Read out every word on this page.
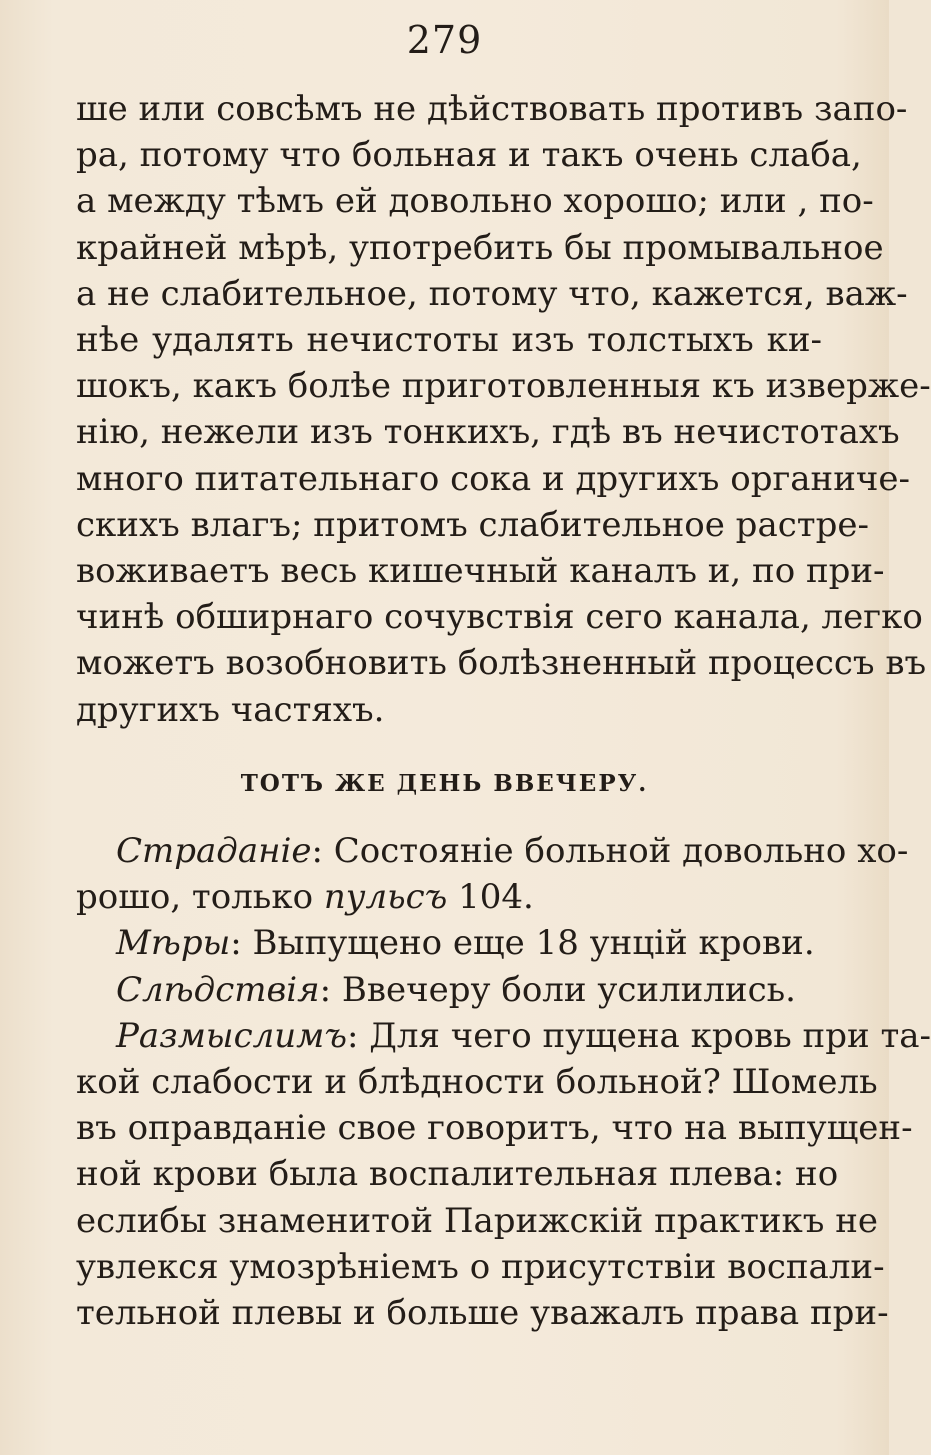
279
ше или совсѣмъ не дѣйствовать противъ запо-
ра, потому что больная и такъ очень слаба,
а между тѣмъ ей довольно хорошо; или , по-
крайней мѣрѣ, употребить бы промывальное
а не слабительное, потому что, кажется, важ-
нѣе удалять нечистоты изъ толстыхъ ки-
шокъ, какъ болѣе приготовленныя къ изверже-
нію, нежели изъ тонкихъ, гдѣ въ нечистотахъ
много питательнаго сока и другихъ органиче-
скихъ влагъ; притомъ слабительное растре-
воживаетъ весь кишечный каналъ и, по при-
чинѣ обширнаго сочувствія сего канала, легко
можетъ возобновить болѣзненный процессъ въ
другихъ частяхъ.
ТОТЪ ЖЕ ДЕНЬ ВВЕЧЕРУ.
Страданіе: Состояніе больной довольно хо-
рошо, только пульсъ 104.
Мѣры: Выпущено еще 18 унцій крови.
Слѣдствія: Ввечеру боли усилились.
Размыслимъ: Для чего пущена кровь при та-
кой слабости и блѣдности больной? Шомель
въ оправданіе свое говоритъ, что на выпущен-
ной крови была воспалительная плева: но
еслибы знаменитой Парижскій практикъ не
увлекся умозрѣніемъ о присутствіи воспали-
тельной плевы и больше уважалъ права при-
